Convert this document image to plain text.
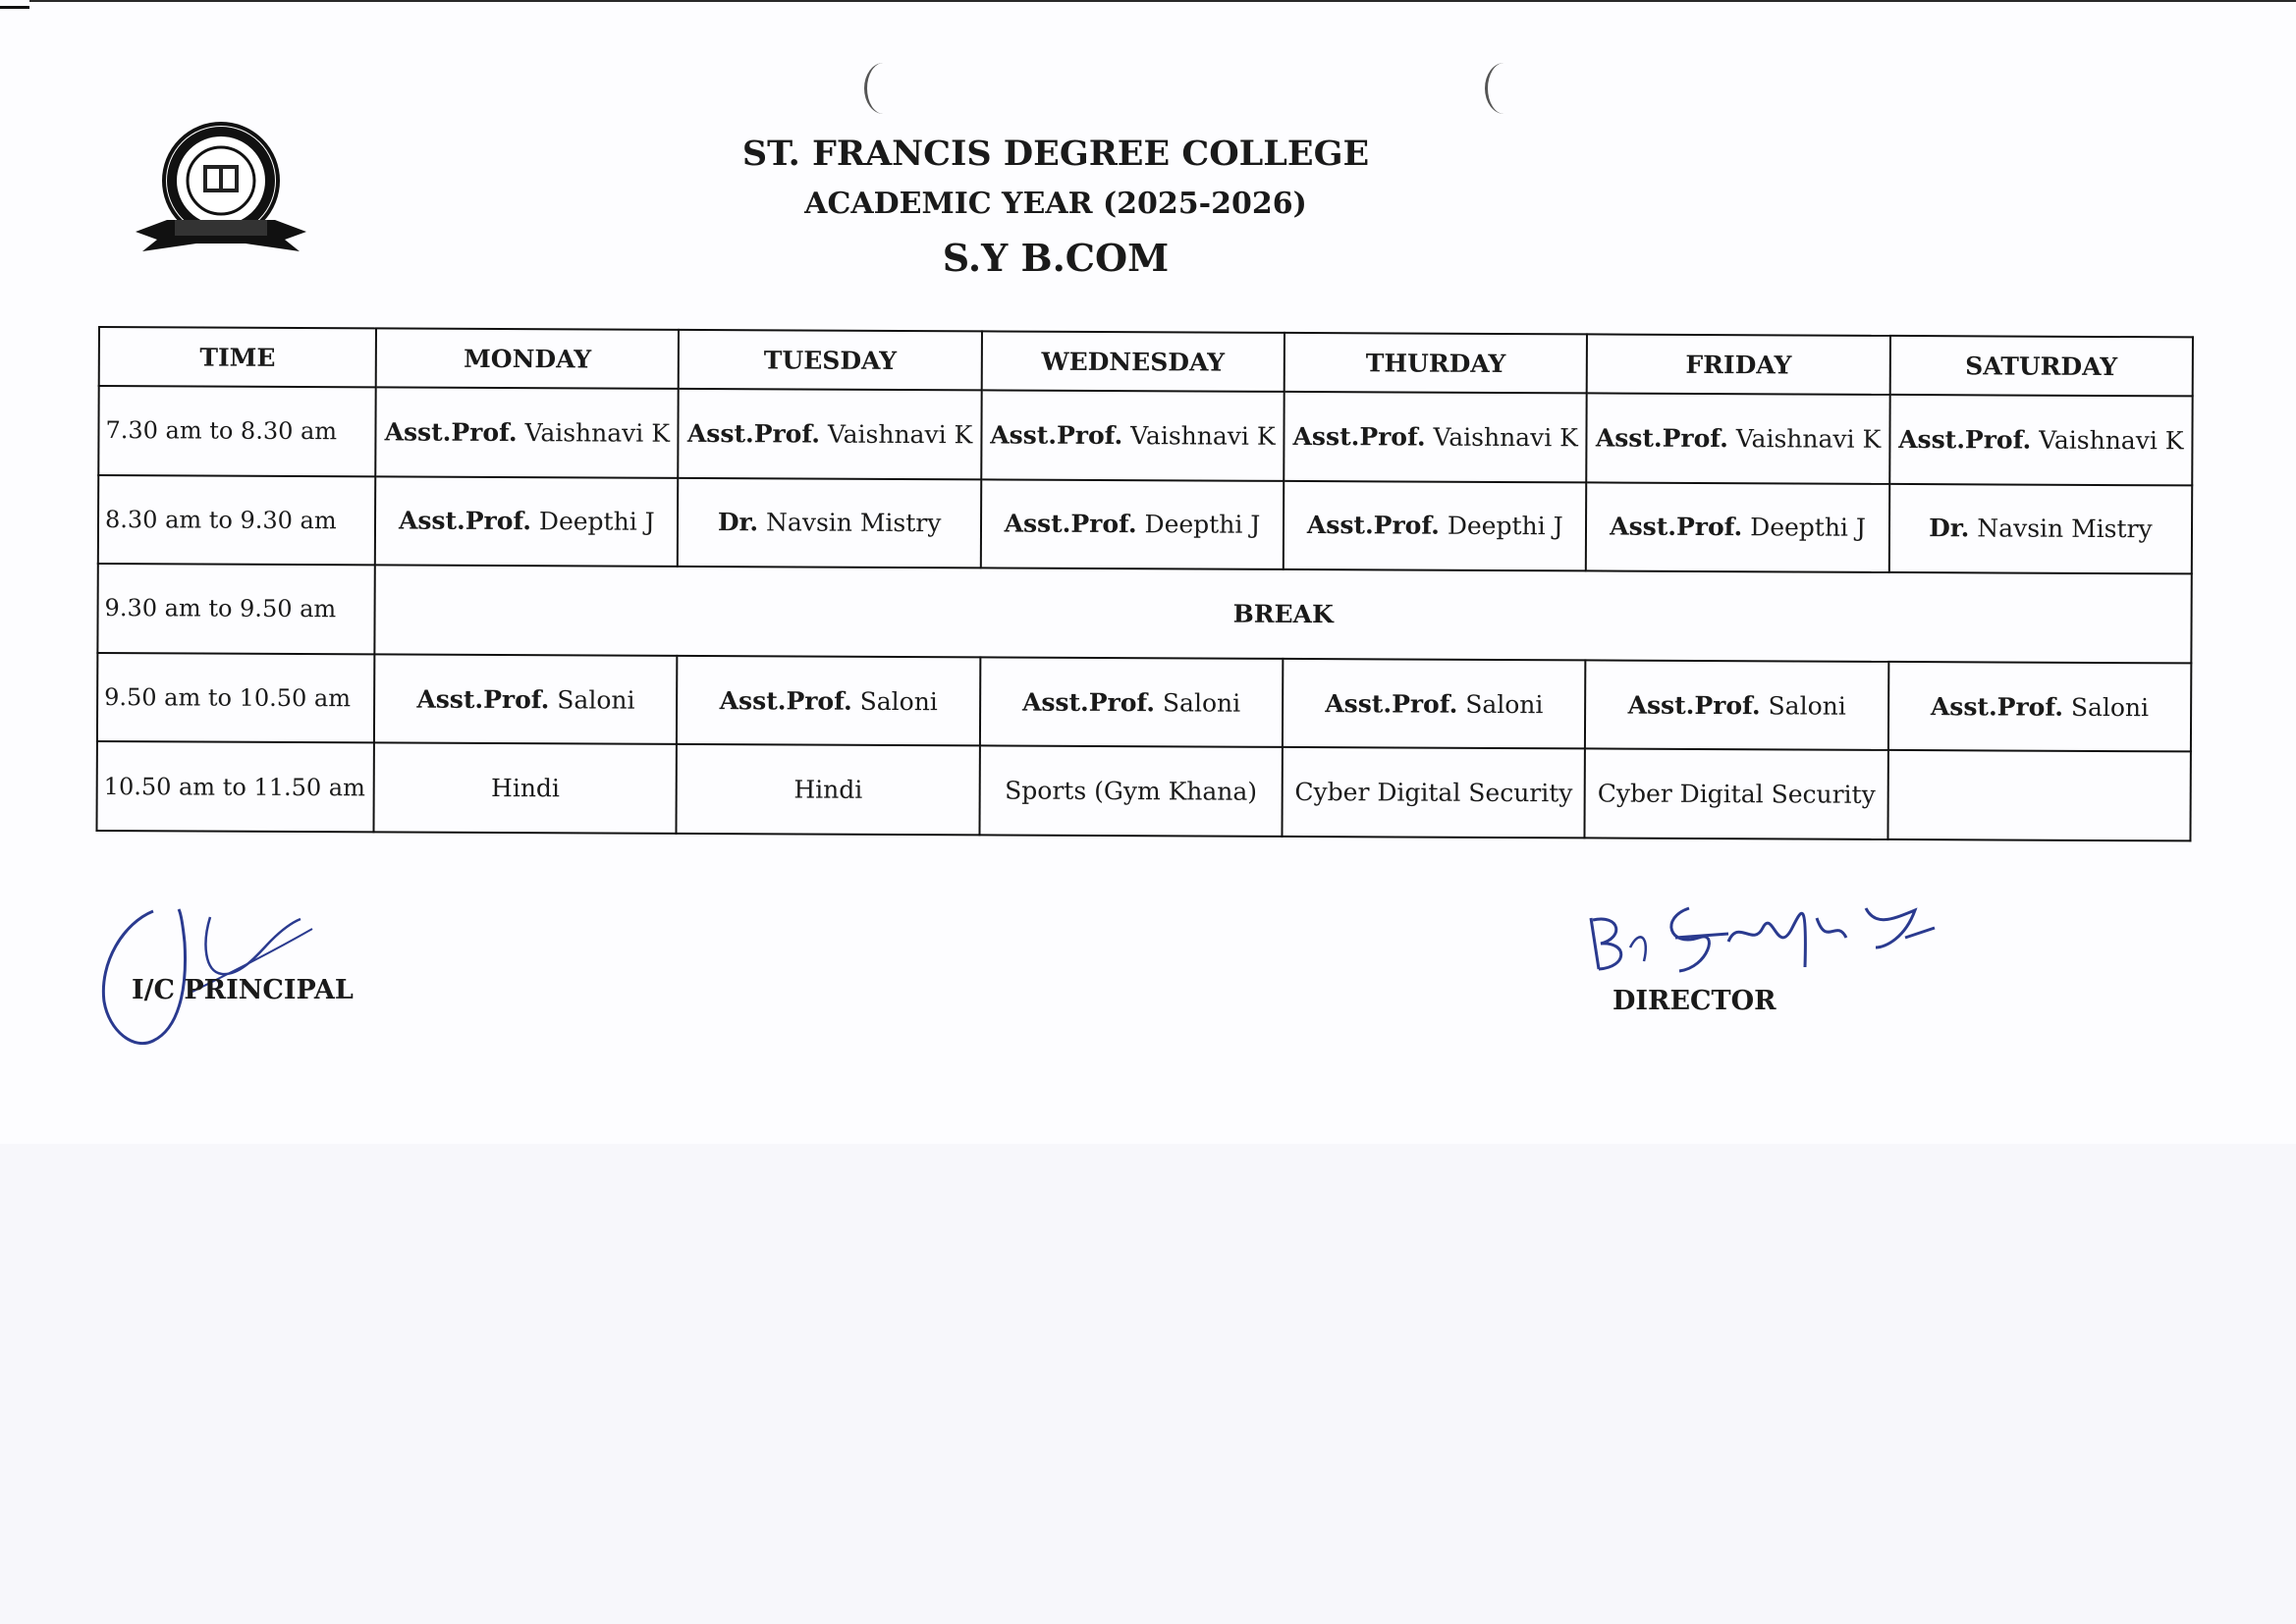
ST. FRANCIS DEGREE COLLEGE
ACADEMIC YEAR (2025-2026)
S.Y B.COM
TIME	MONDAY	TUESDAY	WEDNESDAY	THURDAY	FRIDAY	SATURDAY
7.30 am to 8.30 am	Asst.Prof. Vaishnavi K	Asst.Prof. Vaishnavi K	Asst.Prof. Vaishnavi K	Asst.Prof. Vaishnavi K	Asst.Prof. Vaishnavi K	Asst.Prof. Vaishnavi K
8.30 am to 9.30 am	Asst.Prof. Deepthi J	Dr. Navsin Mistry	Asst.Prof. Deepthi J	Asst.Prof. Deepthi J	Asst.Prof. Deepthi J	Dr. Navsin Mistry
9.30 am to 9.50 am	BREAK					
9.50 am to 10.50 am	Asst.Prof. Saloni	Asst.Prof. Saloni	Asst.Prof. Saloni	Asst.Prof. Saloni	Asst.Prof. Saloni	Asst.Prof. Saloni
10.50 am to 11.50 am	Hindi	Hindi	Sports (Gym Khana)	Cyber Digital Security	Cyber Digital Security	
I/C PRINCIPAL	DIRECTOR
